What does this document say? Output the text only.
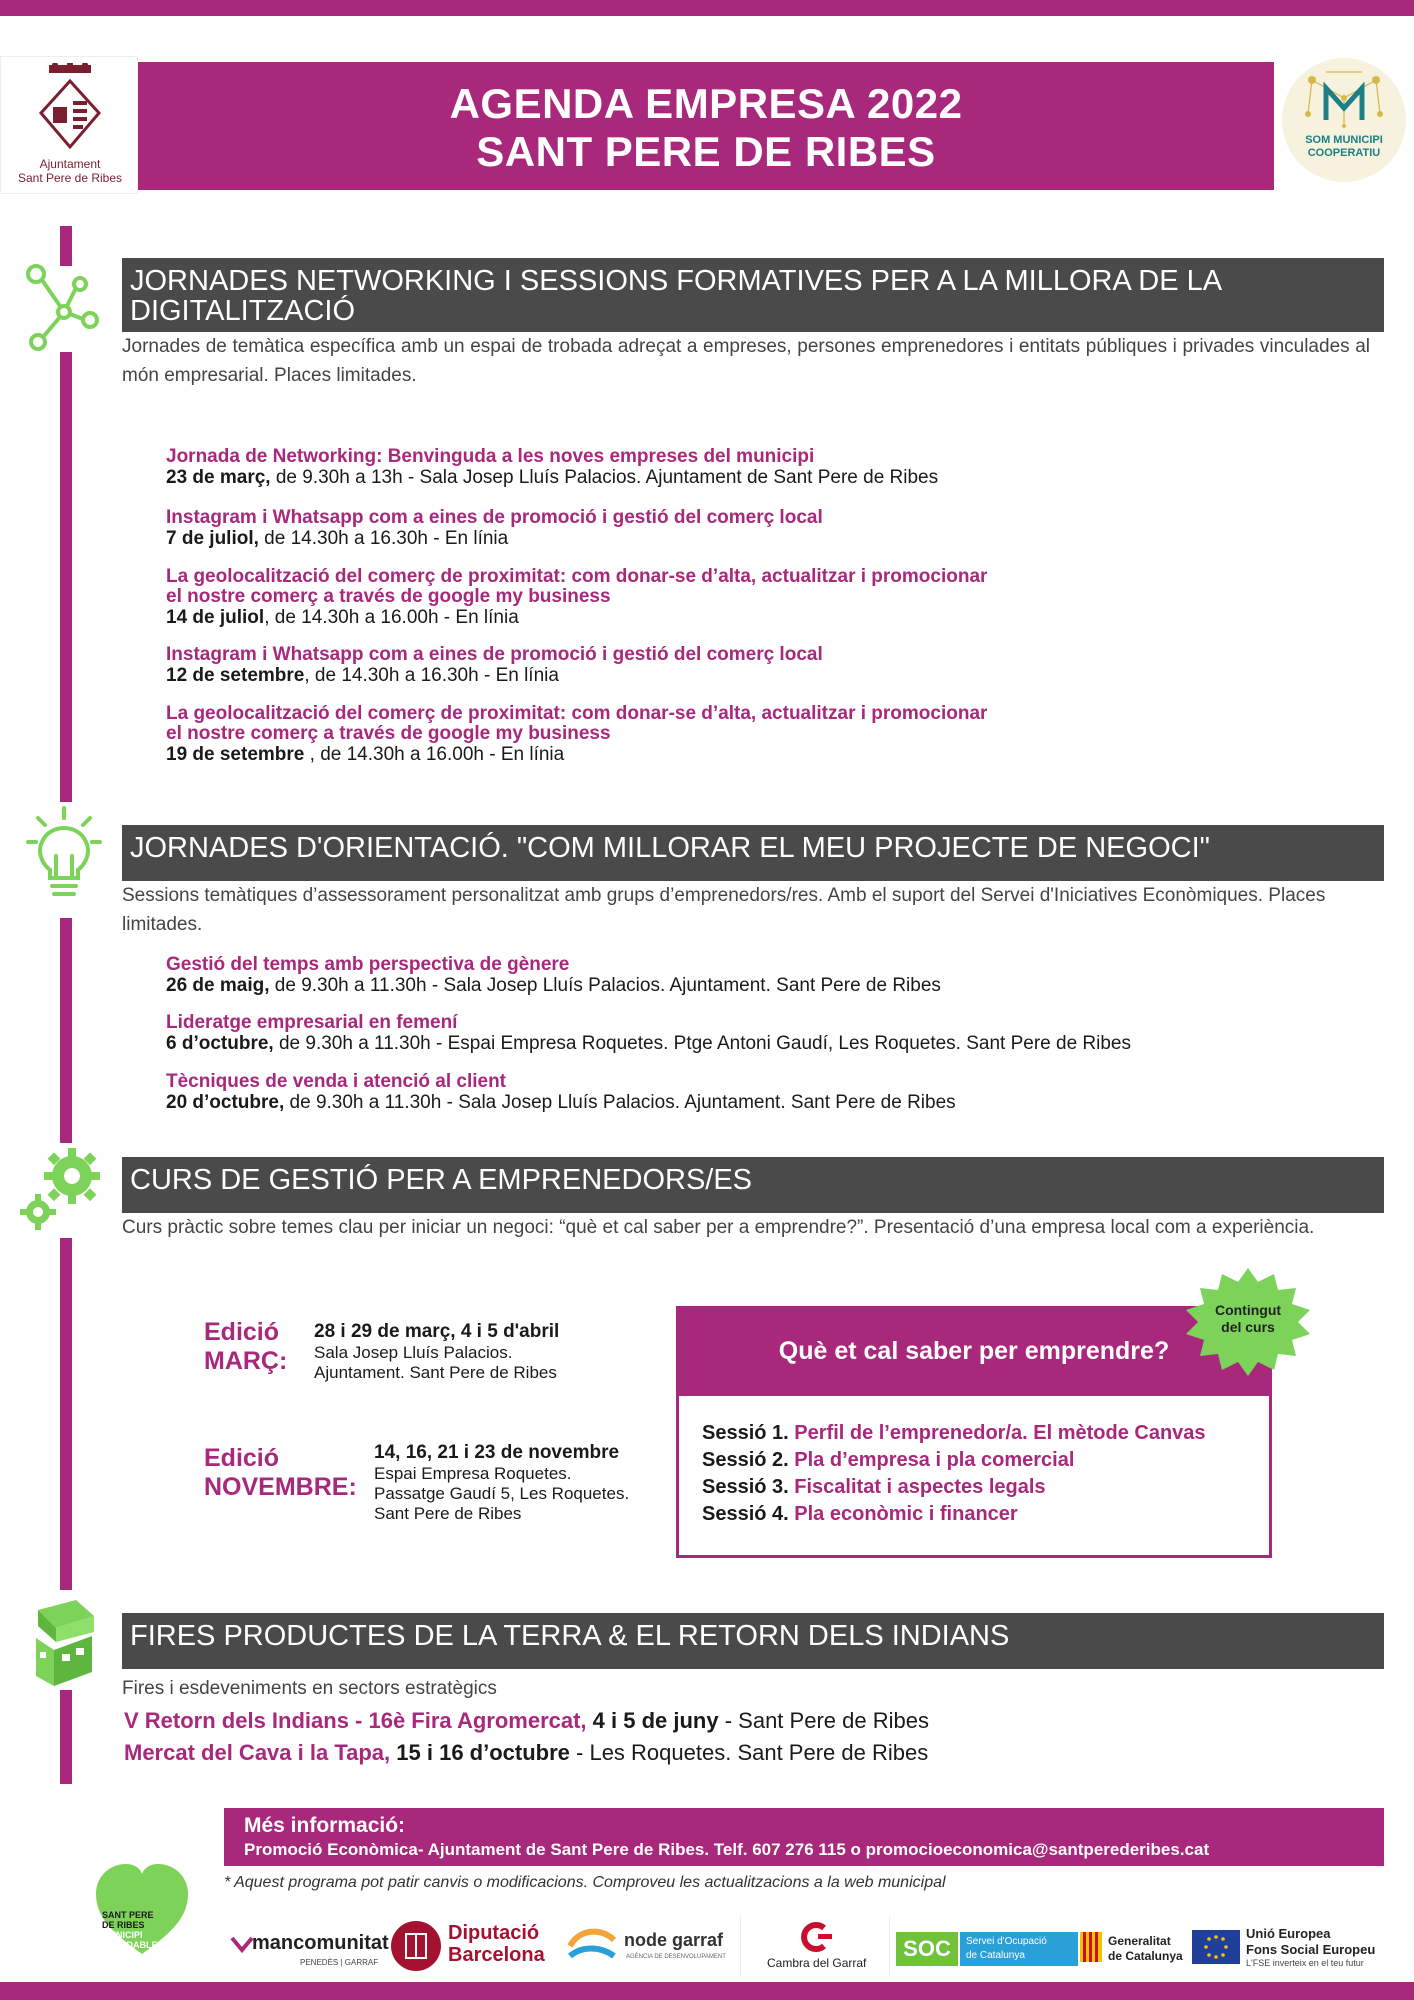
Ajuntament
Sant Pere de Ribes
AGENDA EMPRESA 2022
SANT PERE DE RIBES	SOM MUNICIPI
COOPERATIU
JORNADES NETWORKING I SESSIONS FORMATIVES PER A LA MILLORA DE LA
DIGITALITZACIÓ
Jornades de temàtica específica amb un espai de trobada adreçat a empreses, persones emprenedores i entitats públiques i privades vinculades al món empresarial. Places limitades.
Jornada de Networking: Benvinguda a les noves empreses del municipi
23 de març, de 9.30h a 13h - Sala Josep Lluís Palacios. Ajuntament de Sant Pere de Ribes
Instagram i Whatsapp com a eines de promoció i gestió del comerç local
7 de juliol, de 14.30h a 16.30h - En línia
La geolocalització del comerç de proximitat: com donar-se d’alta, actualitzar i promocionar
el nostre comerç a través de google my business
14 de juliol, de 14.30h a 16.00h - En línia
Instagram i Whatsapp com a eines de promoció i gestió del comerç local
12 de setembre, de 14.30h a 16.30h - En línia
La geolocalització del comerç de proximitat: com donar-se d’alta, actualitzar i promocionar
el nostre comerç a través de google my business
19 de setembre , de 14.30h a 16.00h - En línia
JORNADES D'ORIENTACIÓ. "COM MILLORAR EL MEU PROJECTE DE NEGOCI"
Sessions temàtiques d’assessorament personalitzat amb grups d’emprenedors/res. Amb el suport del Servei d'Iniciatives Econòmiques. Places limitades.
Gestió del temps amb perspectiva de gènere
26 de maig, de 9.30h a 11.30h - Sala Josep Lluís Palacios. Ajuntament. Sant Pere de Ribes
Lideratge empresarial en femení
6 d’octubre, de 9.30h a 11.30h - Espai Empresa Roquetes. Ptge Antoni Gaudí, Les Roquetes. Sant Pere de Ribes
Tècniques de venda i atenció al client
20 d’octubre, de 9.30h a 11.30h - Sala Josep Lluís Palacios. Ajuntament. Sant Pere de Ribes
CURS DE GESTIÓ PER A EMPRENEDORS/ES
Curs pràctic sobre temes clau per iniciar un negoci: “què et cal saber per a emprendre?”. Presentació d’una empresa local com a experiència.
Edició
MARÇ:
28 i 29 de març, 4 i 5 d'abril
Sala Josep Lluís Palacios.
Ajuntament. Sant Pere de Ribes
Edició
NOVEMBRE:
14, 16, 21 i 23 de novembre
Espai Empresa Roquetes.
Passatge Gaudí 5, Les Roquetes.
Sant Pere de Ribes
Què et cal saber per emprendre?
Sessió 1. Perfil de l’emprenedor/a. El mètode Canvas
Sessió 2. Pla d’empresa i pla comercial
Sessió 3. Fiscalitat i aspectes legals
Sessió 4. Pla econòmic i financer
Contingut
del curs
FIRES PRODUCTES DE LA TERRA & EL RETORN DELS INDIANS
Fires i esdeveniments en sectors estratègics
V Retorn dels Indians - 16è Fira Agromercat, 4 i 5 de juny - Sant Pere de Ribes
Mercat del Cava i la Tapa, 15 i 16 d’octubre - Les Roquetes. Sant Pere de Ribes
Més informació:
Promoció Econòmica- Ajuntament de Sant Pere de Ribes. Telf. 607 276 115 o promocioeconomica@santperederibes.cat
* Aquest programa pot patir canvis o modificacions. Comproveu les actualitzacions a la web municipal
SANT PERE
DE RIBES
MUNICIPI
SALUDABLE	mancomunitat
PENEDÈS | GARRAF
Diputació
Barcelona
node garraf
AGÈNCIA DE DESENVOLUPAMENT	Cambra del Garraf
SOC	Servei d'Ocupació
de Catalunya
Generalitat
de Catalunya
Unió Europea
Fons Social Europeu
L'FSE inverteix en el teu futur
